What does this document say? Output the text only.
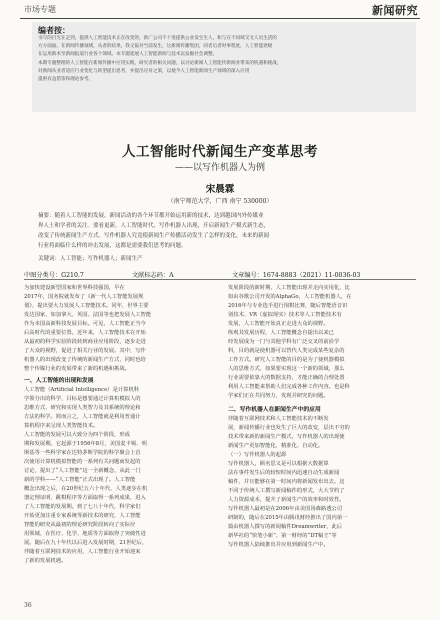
市场专题	新闻研究
编者按：
书写的目光在走到，提供人工智能技术正在改变的，新广公司不十进提供公业发生生人，和与在不同域交叉人员生活的
方方面面。在新闻传播领域，从者的结果，我又报对当前发生，这新闻传播集团，同者后者时事程度，人工智能逐级
在运用新术至新闻报道行业各个领域。本专题延展人工智能新闻与技术以发掘社会调整。
本期专题整理的人工智能在新闻传播中应用实践，研究者的相关问题，以讨论新闻人工智能传新闻业带来的机遇和挑战，
对新闻从业者适应行业变化与转型提出思考，并提出应对之策，以使今人工智能新闻生产领域的深入应用
提供有益借鉴和理论参考。
人工智能时代新闻生产变革思考
——以写作机器人为例
宋晨霖
（南宁师范大学，广西 南宁 530000）
摘要：随着人工智能的发展，新闻活动的各个环节都开始运用新的技术，达到越国内外传媒业
界人士和学者的关注。要看更新，人工智能时代，写作机器人出现，开启新闻生产模式新生态，
改变了传统新闻生产方式。写作机器人究竟使新闻生产传播活动发生了怎样的变化，未来的新闻
行业将面临什么样的冲击发展，这都是需要我们思考的问题。
关键词：人工智能；写作机器人；新闻生产
中图分类号：G210.7	文献标志码：A	文章编号：1674-8883（2021）11-0036-03
为加快建设新型国家和世界科技强国，早在
2017年，国务院就发布了《新一代人工智能发展规
划》，提出要大力发展人工智能技术。同年，世界主要
发达国家，如加拿大、英国、法国等也把发展人工智能
作为本国高新科技发展目标。可见，人工智能正当今
后高时代的重要位置。近年来，人工智能技术在开始
从最初的科学实验阶段转到商业应用阶段，逐步走进
了大众的视野，促进了相关行业的发展。其中，写作
机器人的出现改变了传统的新闻生产方式，同时也给
整个传媒行业的发展带来了新的机遇和挑战。
一、人工智能的出现和发展
人工智能（Artificial Intelligence）是计算机科
学领分出的科学，目标是想要通过计算机模拟人的
思维方式、研究和实现人类智力及其系统的理论和
方法的科学。简而言之，人工智能就是利用普通计
算机程序来呈现人类智能技术。
人工智能的发展可以大致分为四个阶段，形成
期和发展期。它起源于1956年8月，美国麦卡锡、明
斯基等一些科学家在达特茅斯学院的科学聚会上首
次使用计算机模拟智能的一系列有关问题而发起的
讨论，提出了“人工智能”这一全新概念，从此一门
新的学科——“人工智能”正式出现了。人工智能
概念出现之后，在20世纪五六十年代，人类逐步在机
器定理证明、跳棋程序等方面取得一系列成果，进入
了人工智能的发展期。到了七八十年代，科学家们
开始更加注重专家系统等新技术的研究，人工智能
智能的研究从最初的理论研究阶段转向了实际应
用领域，在医疗、化学、地质等方面取得了突破性进
展。随后在九十年代以后进入发展时期，21世纪后，
伴随着互联网技术的应用，人工智能行业开始迎来
了新的发展机遇。
发展阶段的新时期，人工智能出现并走向实用化，比
如由谷歌公司开发的AlphaGo，人工智能机器人，在
2016年与专业选手进行围棋比赛，随后智能语音识
别技术、VR（虚拟现实）技术等人工智能技术有
发展，人工智能开始真正走进大众的视野。
纵观其发展历程，人工智能概念自提出以来已
经发展成为一门与其他学科有广泛交叉的前沿学
科，目的就是使机器可以替代人类完成某些复杂的
工作方式。研究人工智能的目的是为了使机器模拟
人的思维方式，如果要实现这一个新的领域，那么
行业需要依靠大的数据支持，才能正确的合理处置
利用人工智能来帮助人们完成各种工作内容。也是科
学家们正在共同努力，发现并研究的问题。
二、写作机器人在新闻生产中的应用
伴随着互联网技术和人工智能技术的不断发
展，新闻传播行业也发生了巨大的改变，层出不穷的
技术带来新的新闻生产模式，写作机器人的出现使
新闻生产更加智能化、精准化、自动化。
（一）写作机器人的起源
写作机器人，顾名思义是可以根据大数据算
法在事件发生后的较短时间内迅速自动生成新闻
稿件，并且能够在第一时间内将新闻发布出去。这
不同于传统人工撰写新闻稿件的形式，大大节约了
人力资源成本，提升了新闻生产的效率和时效性。
写作机器人最初是在2006年由美国汤森路透公司
研制的，随后在2015年由腾讯财经推出了国内第一
篇由机器人撰写的新闻稿件Dreamwriter，此后
新华社的“快笔小新”、第一财经的“DT稿王”等
写作机器人陆续推出并应用到新闻生产中。
36
